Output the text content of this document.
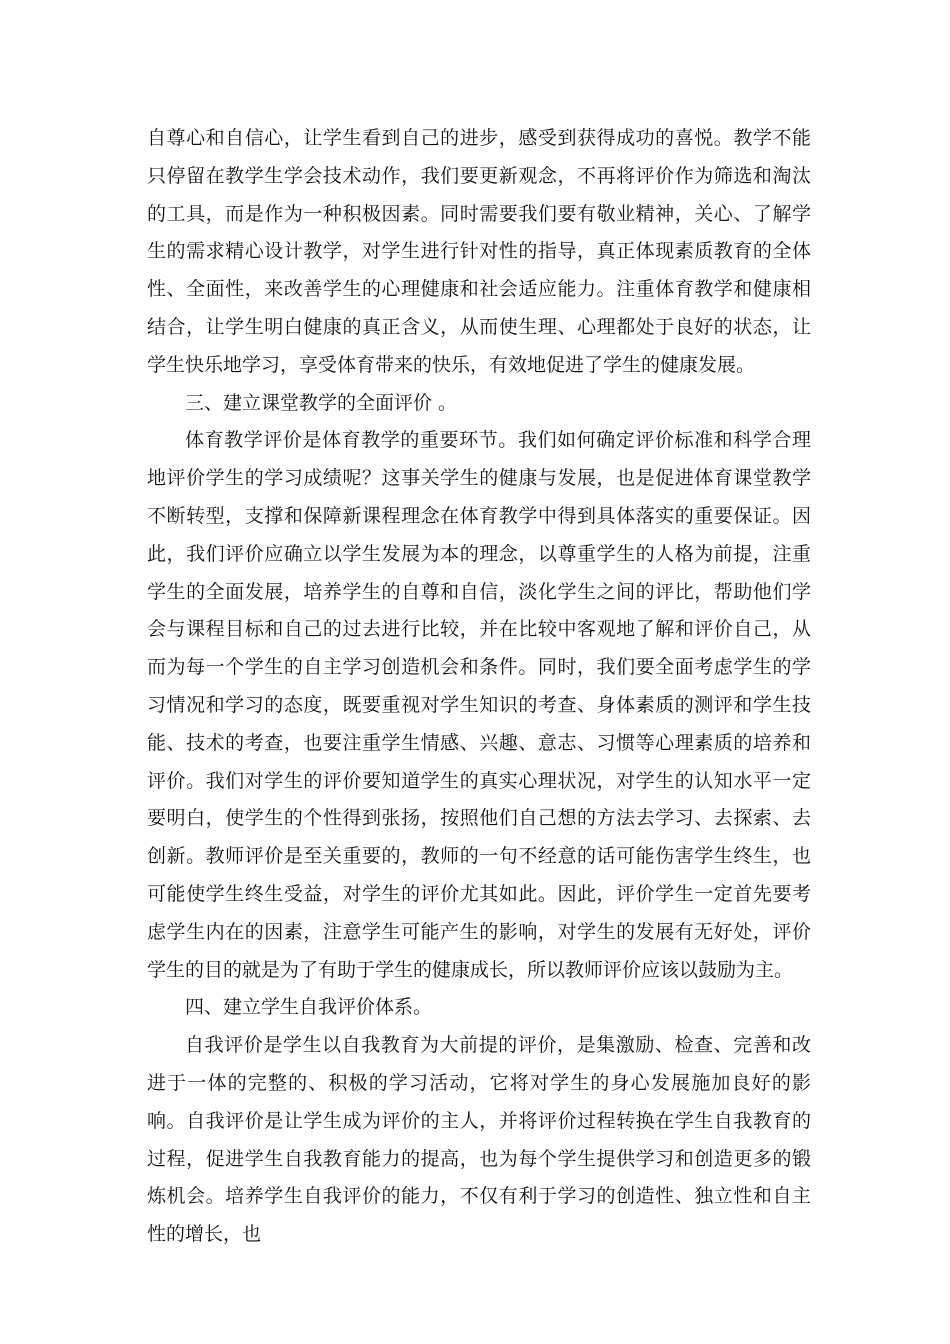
自尊心和自信心，让学生看到自己的进步，感受到获得成功的喜悦。教学不能只停留在教学生学会技术动作，我们要更新观念，不再将评价作为筛选和淘汰的工具，而是作为一种积极因素。同时需要我们要有敬业精神，关心、了解学生的需求精心设计教学，对学生进行针对性的指导，真正体现素质教育的全体性、全面性，来改善学生的心理健康和社会适应能力。注重体育教学和健康相结合，让学生明白健康的真正含义，从而使生理、心理都处于良好的状态，让学生快乐地学习，享受体育带来的快乐，有效地促进了学生的健康发展。

三、建立课堂教学的全面评价 。

体育教学评价是体育教学的重要环节。我们如何确定评价标准和科学合理地评价学生的学习成绩呢？这事关学生的健康与发展，也是促进体育课堂教学不断转型，支撑和保障新课程理念在体育教学中得到具体落实的重要保证。因此，我们评价应确立以学生发展为本的理念，以尊重学生的人格为前提，注重学生的全面发展，培养学生的自尊和自信，淡化学生之间的评比，帮助他们学会与课程目标和自己的过去进行比较，并在比较中客观地了解和评价自己，从而为每一个学生的自主学习创造机会和条件。同时，我们要全面考虑学生的学习情况和学习的态度，既要重视对学生知识的考查、身体素质的测评和学生技能、技术的考查，也要注重学生情感、兴趣、意志、习惯等心理素质的培养和评价。我们对学生的评价要知道学生的真实心理状况，对学生的认知水平一定要明白，使学生的个性得到张扬，按照他们自己想的方法去学习、去探索、去创新。教师评价是至关重要的，教师的一句不经意的话可能伤害学生终生，也可能使学生终生受益，对学生的评价尤其如此。因此，评价学生一定首先要考虑学生内在的因素，注意学生可能产生的影响，对学生的发展有无好处，评价学生的目的就是为了有助于学生的健康成长，所以教师评价应该以鼓励为主。

四、建立学生自我评价体系。

自我评价是学生以自我教育为大前提的评价，是集激励、检查、完善和改进于一体的完整的、积极的学习活动，它将对学生的身心发展施加良好的影响。自我评价是让学生成为评价的主人，并将评价过程转换在学生自我教育的过程，促进学生自我教育能力的提高，也为每个学生提供学习和创造更多的锻炼机会。培养学生自我评价的能力，不仅有利于学习的创造性、独立性和自主性的增长，也
